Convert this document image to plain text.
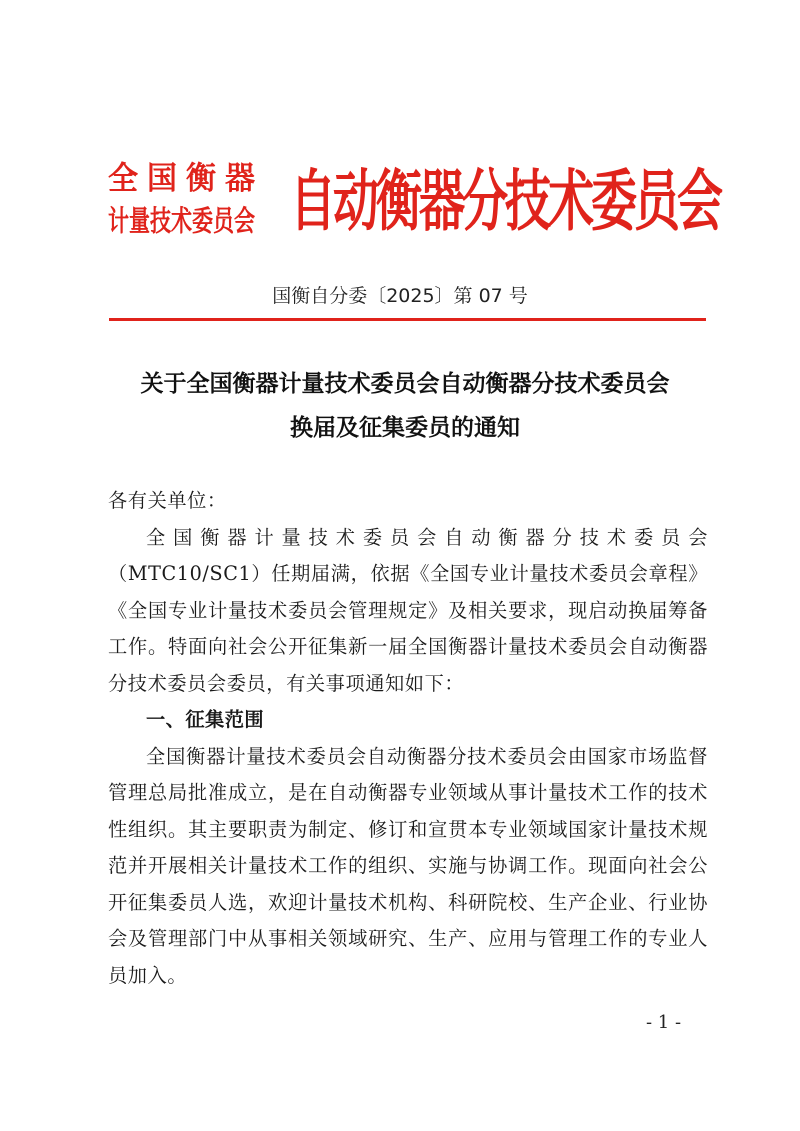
全国衡器
计量技术委员会 自动衡器分技术委员会
国衡自分委〔2025〕第 07 号
关于全国衡器计量技术委员会自动衡器分技术委员会
换届及征集委员的通知

各有关单位：

全国衡器计量技术委员会自动衡器分技术委员会（MTC10/SC1）任期届满，依据《全国专业计量技术委员会章程》《全国专业计量技术委员会管理规定》及相关要求，现启动换届筹备工作。特面向社会公开征集新一届全国衡器计量技术委员会自动衡器分技术委员会委员，有关事项通知如下：

一、征集范围

全国衡器计量技术委员会自动衡器分技术委员会由国家市场监督管理总局批准成立，是在自动衡器专业领域从事计量技术工作的技术性组织。其主要职责为制定、修订和宣贯本专业领域国家计量技术规范并开展相关计量技术工作的组织、实施与协调工作。现面向社会公开征集委员人选，欢迎计量技术机构、科研院校、生产企业、行业协会及管理部门中从事相关领域研究、生产、应用与管理工作的专业人员加入。

- 1 -
